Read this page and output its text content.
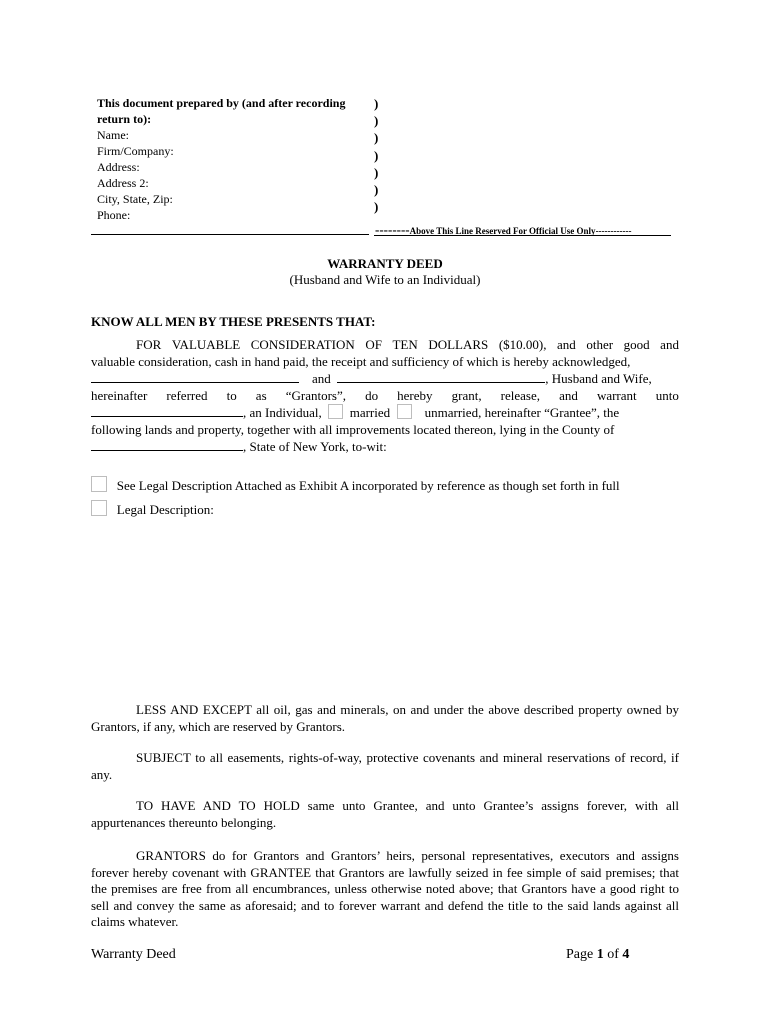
This document prepared by (and after recording
return to):
Name:
Firm/Company:
Address:
Address 2:
City, State, Zip:
Phone:
)
)
)
)
)
)
)
--------Above This Line Reserved For Official Use Only------------
WARRANTY DEED
(Husband and Wife to an Individual)
KNOW ALL MEN BY THESE PRESENTS THAT:
FOR VALUABLE CONSIDERATION OF TEN DOLLARS ($10.00), and other good and
valuable consideration, cash in hand paid, the receipt and sufficiency of which is hereby acknowledged,
and	, Husband and Wife,
hereinafter referred to as “Grantors”, do hereby grant, release, and warrant unto
, an Individual, married	unmarried, hereinafter “Grantee”, the
following lands and property, together with all improvements located thereon, lying in the County of
, State of New York, to-wit:
See Legal Description Attached as Exhibit A incorporated by reference as though set forth in full
Legal Description:
LESS AND EXCEPT all oil, gas and minerals, on and under the above described property owned by Grantors, if any, which are reserved by Grantors.
SUBJECT to all easements, rights-of-way, protective covenants and mineral reservations of record, if any.
TO HAVE AND TO HOLD same unto Grantee, and unto Grantee’s assigns forever, with all appurtenances thereunto belonging.
GRANTORS do for Grantors and Grantors’ heirs, personal representatives, executors and assigns forever hereby covenant with GRANTEE that Grantors are lawfully seized in fee simple of said premises; that the premises are free from all encumbrances, unless otherwise noted above; that Grantors have a good right to sell and convey the same as aforesaid; and to forever warrant and defend the title to the said lands against all claims whatever.
Warranty Deed	Page 1 of 4
